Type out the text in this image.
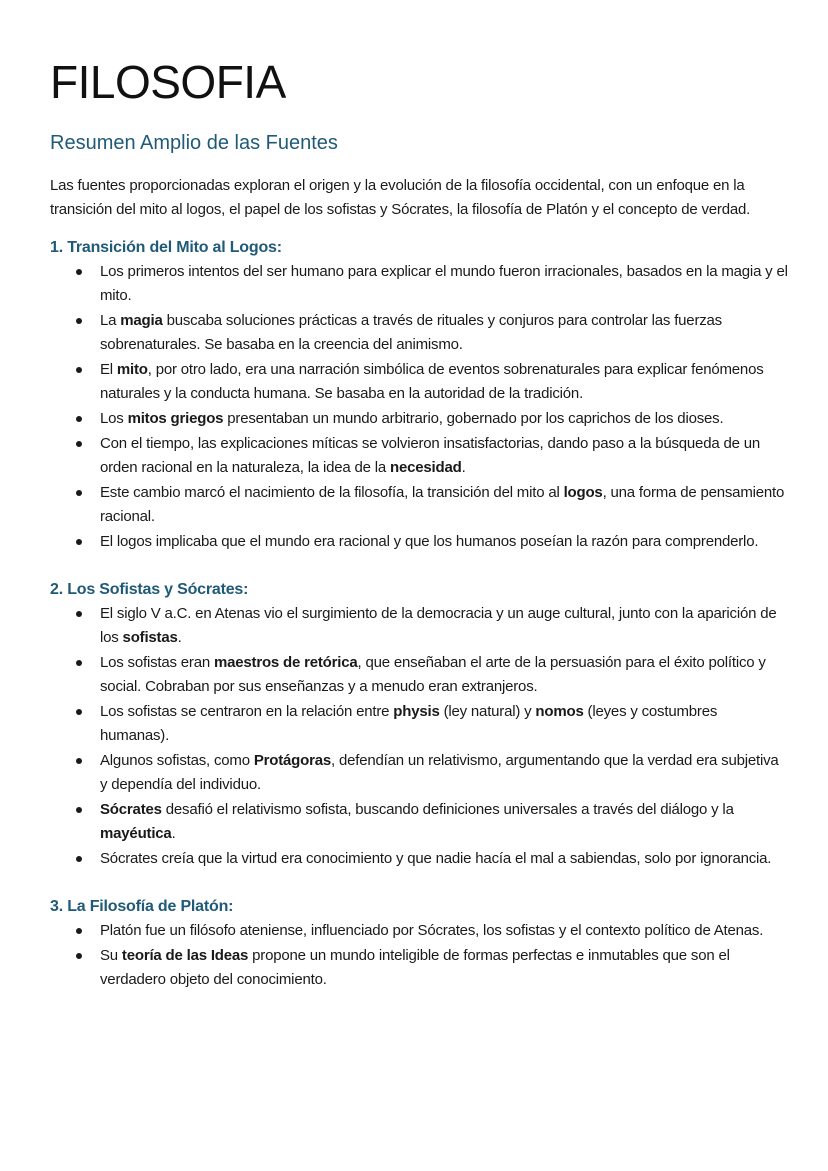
FILOSOFIA
Resumen Amplio de las Fuentes

Las fuentes proporcionadas exploran el origen y la evolución de la filosofía occidental, con un enfoque en la transición del mito al logos, el papel de los sofistas y Sócrates, la filosofía de Platón y el concepto de verdad.

1. Transición del Mito al Logos:
Los primeros intentos del ser humano para explicar el mundo fueron irracionales, basados en la magia y el mito.
La magia buscaba soluciones prácticas a través de rituales y conjuros para controlar las fuerzas sobrenaturales. Se basaba en la creencia del animismo.
El mito, por otro lado, era una narración simbólica de eventos sobrenaturales para explicar fenómenos naturales y la conducta humana. Se basaba en la autoridad de la tradición.
Los mitos griegos presentaban un mundo arbitrario, gobernado por los caprichos de los dioses.
Con el tiempo, las explicaciones míticas se volvieron insatisfactorias, dando paso a la búsqueda de un orden racional en la naturaleza, la idea de la necesidad.
Este cambio marcó el nacimiento de la filosofía, la transición del mito al logos, una forma de pensamiento racional.
El logos implicaba que el mundo era racional y que los humanos poseían la razón para comprenderlo.
2. Los Sofistas y Sócrates:
El siglo V a.C. en Atenas vio el surgimiento de la democracia y un auge cultural, junto con la aparición de los sofistas.
Los sofistas eran maestros de retórica, que enseñaban el arte de la persuasión para el éxito político y social. Cobraban por sus enseñanzas y a menudo eran extranjeros.
Los sofistas se centraron en la relación entre physis (ley natural) y nomos (leyes y costumbres humanas).
Algunos sofistas, como Protágoras, defendían un relativismo, argumentando que la verdad era subjetiva y dependía del individuo.
Sócrates desafió el relativismo sofista, buscando definiciones universales a través del diálogo y la mayéutica.
Sócrates creía que la virtud era conocimiento y que nadie hacía el mal a sabiendas, solo por ignorancia.
3. La Filosofía de Platón:
Platón fue un filósofo ateniense, influenciado por Sócrates, los sofistas y el contexto político de Atenas.
Su teoría de las Ideas propone un mundo inteligible de formas perfectas e inmutables que son el verdadero objeto del conocimiento.
